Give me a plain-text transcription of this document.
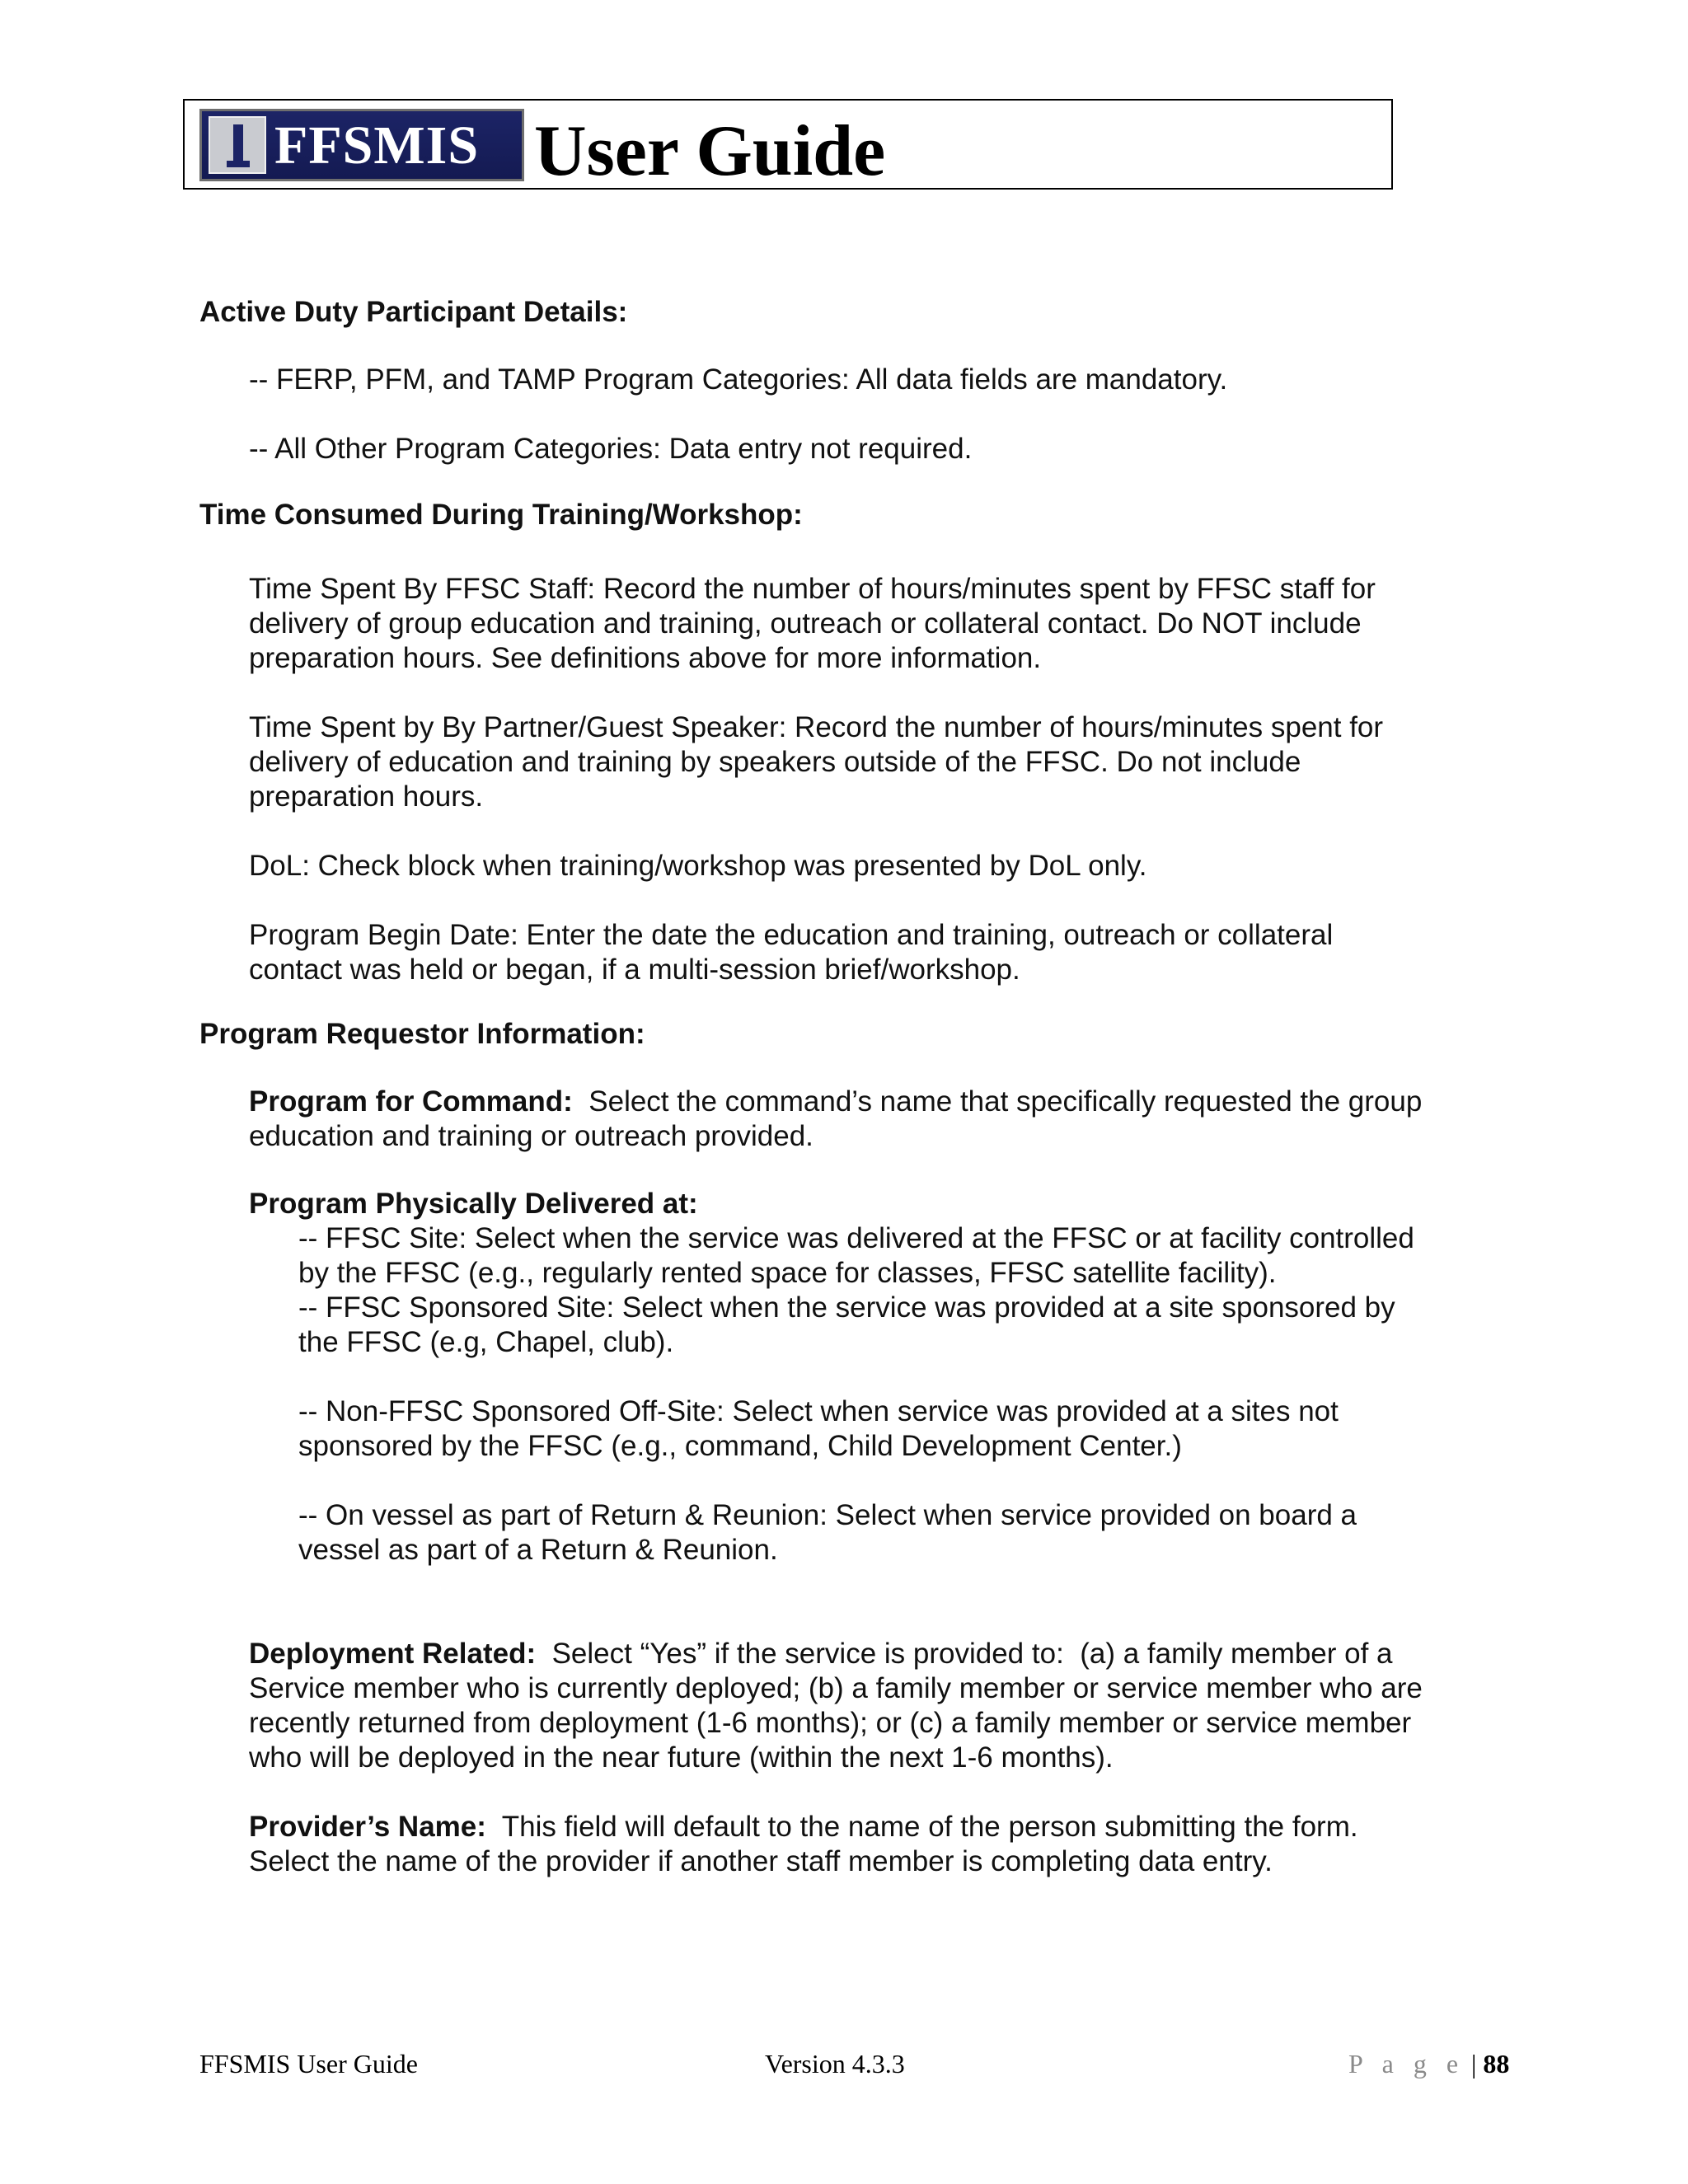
FFSMIS User Guide
Active Duty Participant Details:
-- FERP, PFM, and TAMP Program Categories: All data fields are mandatory.
-- All Other Program Categories: Data entry not required.
Time Consumed During Training/Workshop:
Time Spent By FFSC Staff: Record the number of hours/minutes spent by FFSC staff for
delivery of group education and training, outreach or collateral contact. Do NOT include
preparation hours. See definitions above for more information.
Time Spent by By Partner/Guest Speaker: Record the number of hours/minutes spent for
delivery of education and training by speakers outside of the FFSC. Do not include
preparation hours.
DoL: Check block when training/workshop was presented by DoL only.
Program Begin Date: Enter the date the education and training, outreach or collateral
contact was held or began, if a multi-session brief/workshop.
Program Requestor Information:
Program for Command:  Select the command’s name that specifically requested the group
education and training or outreach provided.
Program Physically Delivered at:
-- FFSC Site: Select when the service was delivered at the FFSC or at facility controlled
by the FFSC (e.g., regularly rented space for classes, FFSC satellite facility).
-- FFSC Sponsored Site: Select when the service was provided at a site sponsored by
the FFSC (e.g, Chapel, club).
-- Non-FFSC Sponsored Off-Site: Select when service was provided at a sites not
sponsored by the FFSC (e.g., command, Child Development Center.)
-- On vessel as part of Return & Reunion: Select when service provided on board a
vessel as part of a Return & Reunion.
Deployment Related:  Select “Yes” if the service is provided to:  (a) a family member of a
Service member who is currently deployed; (b) a family member or service member who are
recently returned from deployment (1-6 months); or (c) a family member or service member
who will be deployed in the near future (within the next 1-6 months).
Provider’s Name:  This field will default to the name of the person submitting the form.
Select the name of the provider if another staff member is completing data entry.
FFSMIS User Guide	Version 4.3.3	P a g e | 88
